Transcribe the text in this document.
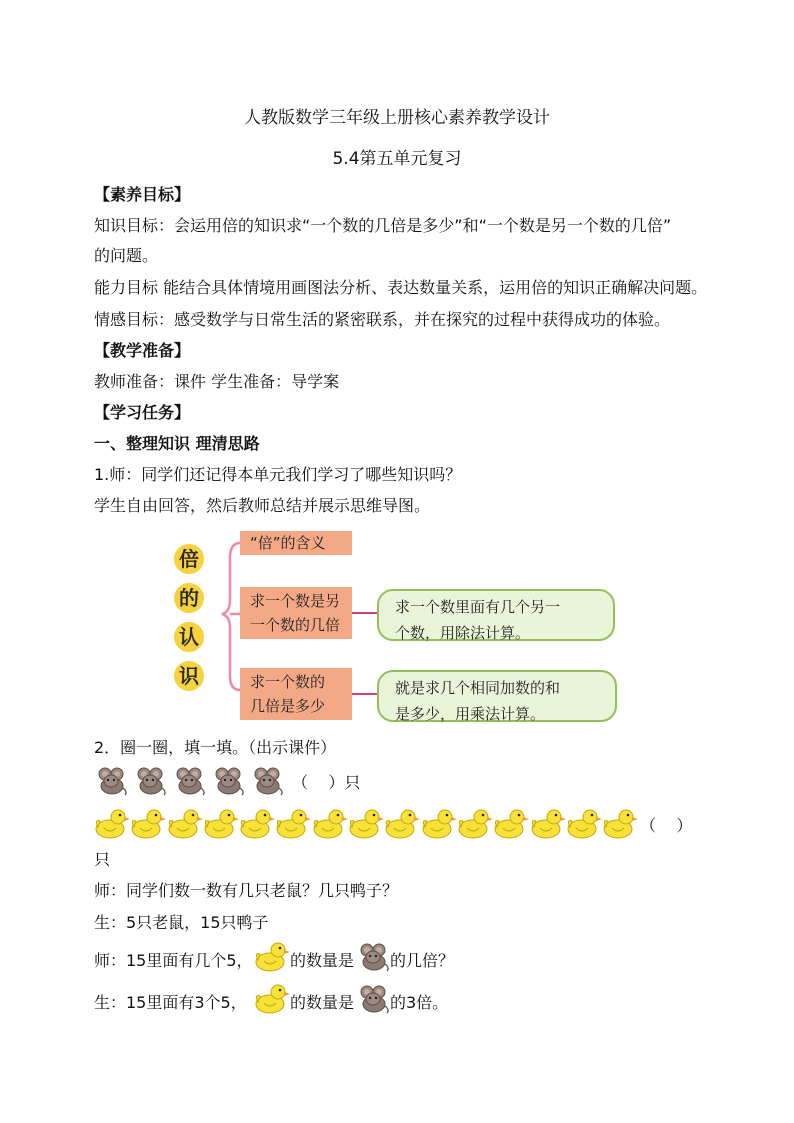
人教版数学三年级上册核心素养教学设计
5.4第五单元复习
【素养目标】
知识目标：会运用倍的知识求“一个数的几倍是多少”和“一个数是另一个数的几倍”
的问题。
能力目标 能结合具体情境用画图法分析、表达数量关系，运用倍的知识正确解决问题。
情感目标：感受数学与日常生活的紧密联系，并在探究的过程中获得成功的体验。
【教学准备】
教师准备：课件 学生准备：导学案
【学习任务】
一、整理知识 理清思路
1.师：同学们还记得本单元我们学习了哪些知识吗？
学生自由回答，然后教师总结并展示思维导图。
倍
的
认
识
“倍”的含义
求一个数是另
一个数的几倍
求一个数的
几倍是多少
求一个数里面有几个另一
个数，用除法计算。
就是求几个相同加数的和
是多少，用乘法计算。
2．圈一圈，填一填。（出示课件）
（    ）只
（    ）
只
师：同学们数一数有几只老鼠？几只鸭子？
生：5只老鼠，15只鸭子
师：15里面有几个5， 的数量是 的几倍？
生：15里面有3个5，	的数量是 的3倍。
